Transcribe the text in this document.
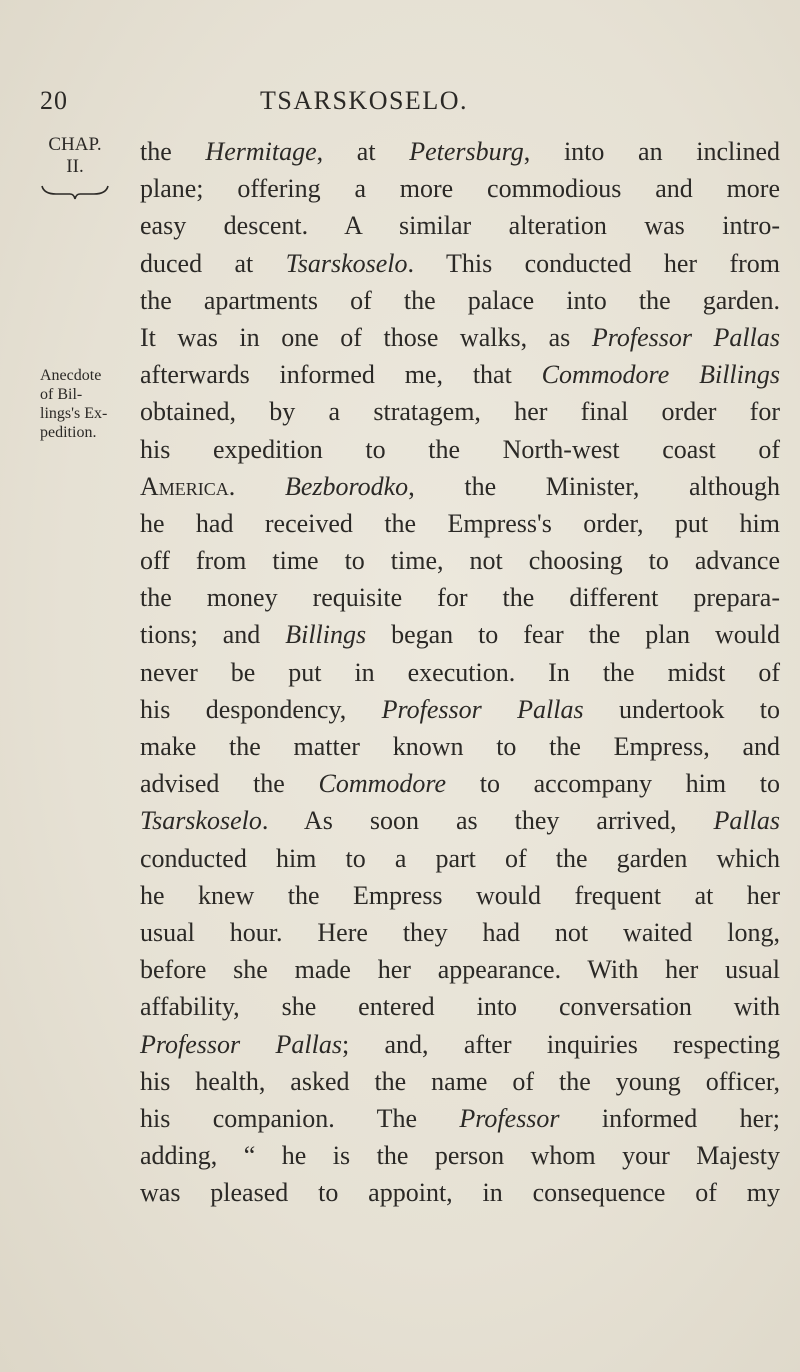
20	TSARSKOSELO.
CHAP.
II.
Anecdote
of Bil-
lings's Ex-
pedition.
the Hermitage, at Petersburg, into an inclined
plane; offering a more commodious and more
easy descent. A similar alteration was intro-
duced at Tsarskoselo. This conducted her from
the apartments of the palace into the garden.
It was in one of those walks, as Professor Pallas
afterwards informed me, that Commodore Billings
obtained, by a stratagem, her final order for
his expedition to the North-west coast of
America. Bezborodko, the Minister, although
he had received the Empress's order, put him
off from time to time, not choosing to advance
the money requisite for the different prepara-
tions; and Billings began to fear the plan would
never be put in execution. In the midst of
his despondency, Professor Pallas undertook to
make the matter known to the Empress, and
advised the Commodore to accompany him to
Tsarskoselo. As soon as they arrived, Pallas
conducted him to a part of the garden which
he knew the Empress would frequent at her
usual hour. Here they had not waited long,
before she made her appearance. With her usual
affability, she entered into conversation with
Professor Pallas; and, after inquiries respecting
his health, asked the name of the young officer,
his companion. The Professor informed her;
adding, “ he is the person whom your Majesty
was pleased to appoint, in consequence of my
